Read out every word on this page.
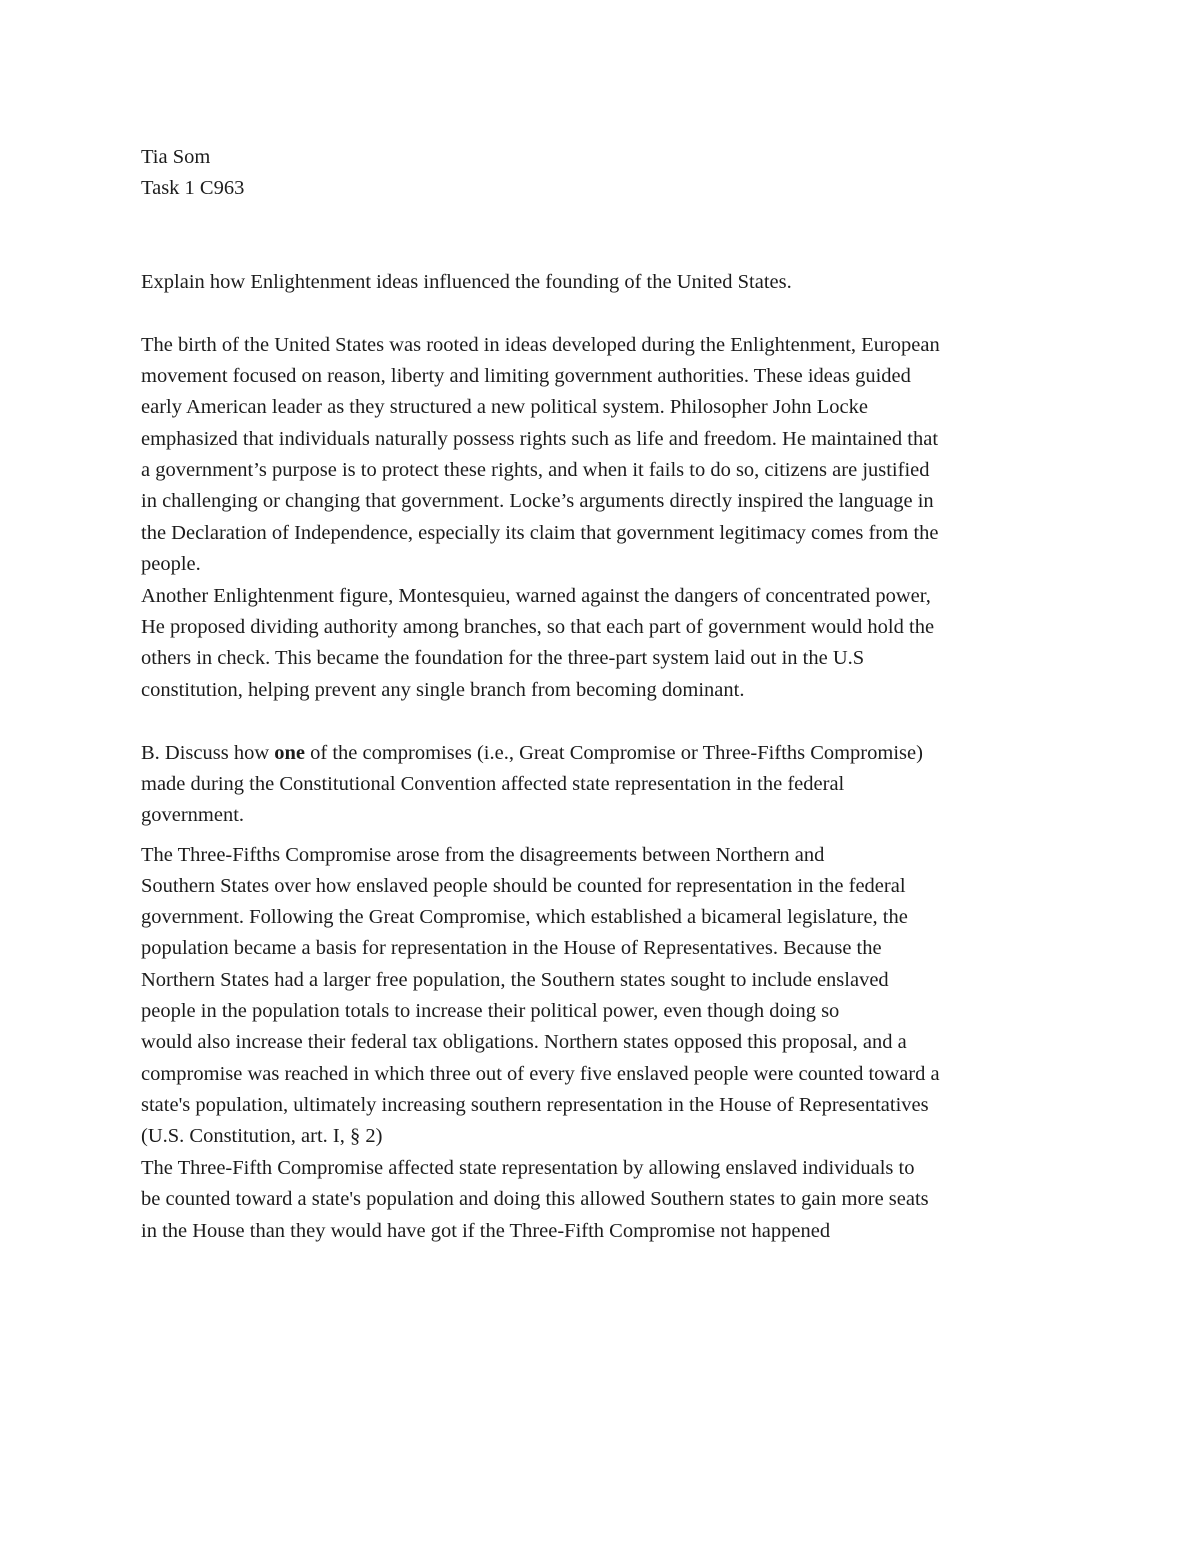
Tia Som
Task 1 C963
Explain how Enlightenment ideas influenced the founding of the United States.
The birth of the United States was rooted in ideas developed during the Enlightenment, European
movement focused on reason, liberty and limiting government authorities. These ideas guided
early American leader as they structured a new political system. Philosopher John Locke
emphasized that individuals naturally possess rights such as life and freedom. He maintained that
a government’s purpose is to protect these rights, and when it fails to do so, citizens are justified
in challenging or changing that government. Locke’s arguments directly inspired the language in
the Declaration of Independence, especially its claim that government legitimacy comes from the
people.
Another Enlightenment figure, Montesquieu, warned against the dangers of concentrated power,
He proposed dividing authority among branches, so that each part of government would hold the
others in check. This became the foundation for the three-part system laid out in the U.S
constitution, helping prevent any single branch from becoming dominant.
B. Discuss how one of the compromises (i.e., Great Compromise or Three-Fifths Compromise)
made during the Constitutional Convention affected state representation in the federal
government.
The Three-Fifths Compromise arose from the disagreements between Northern and
Southern States over how enslaved people should be counted for representation in the federal
government. Following the Great Compromise, which established a bicameral legislature, the
population became a basis for representation in the House of Representatives. Because the
Northern States had a larger free population, the Southern states sought to include enslaved
people in the population totals to increase their political power, even though doing so
would also increase their federal tax obligations. Northern states opposed this proposal, and a
compromise was reached in which three out of every five enslaved people were counted toward a
state's population, ultimately increasing southern representation in the House of Representatives
(U.S. Constitution, art. I, § 2)
The Three-Fifth Compromise affected state representation by allowing enslaved individuals to
be counted toward a state's population and doing this allowed Southern states to gain more seats
in the House than they would have got if the Three-Fifth Compromise not happened
